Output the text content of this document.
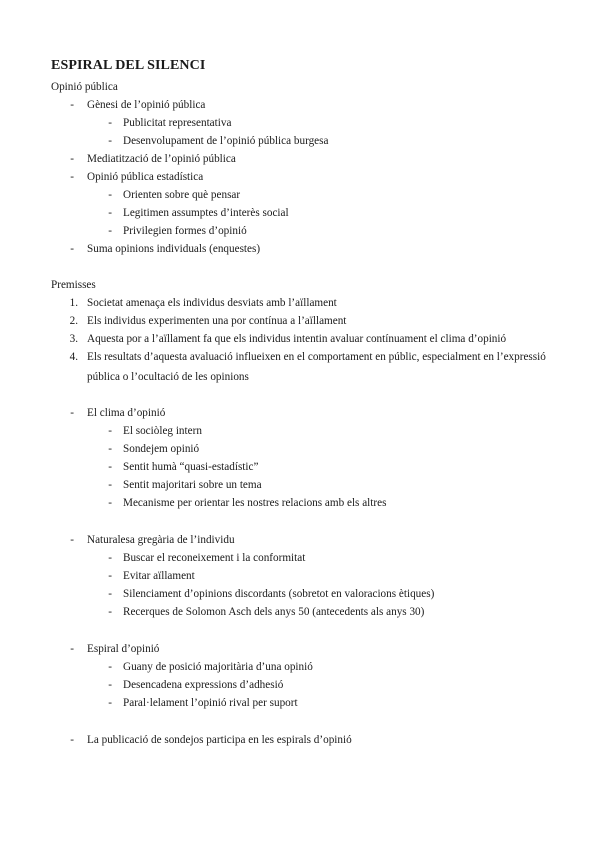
ESPIRAL DEL SILENCI
Opinió pública
- Gènesi de l’opinió pública
- Publicitat representativa
- Desenvolupament de l’opinió pública burgesa
- Mediatització de l’opinió pública
- Opinió pública estadística
- Orienten sobre què pensar
- Legitimen assumptes d’interès social
- Privilegien formes d’opinió
- Suma opinions individuals (enquestes)
Premisses
1. Societat amenaça els individus desviats amb l’aïllament
2. Els individus experimenten una por contínua a l’aïllament
3. Aquesta por a l’aïllament fa que els individus intentin avaluar contínuament el clima d’opinió
4. Els resultats d’aquesta avaluació influeixen en el comportament en públic, especialment en l’expressió
pública o l’ocultació de les opinions
- El clima d’opinió
- El sociòleg intern
- Sondejem opinió
- Sentit humà “quasi-estadístic”
- Sentit majoritari sobre un tema
- Mecanisme per orientar les nostres relacions amb els altres
- Naturalesa gregària de l’individu
- Buscar el reconeixement i la conformitat
- Evitar aïllament
- Silenciament d’opinions discordants (sobretot en valoracions ètiques)
- Recerques de Solomon Asch dels anys 50 (antecedents als anys 30)
- Espiral d’opinió
- Guany de posició majoritària d’una opinió
- Desencadena expressions d’adhesió
- Paral·lelament l’opinió rival per suport
- La publicació de sondejos participa en les espirals d’opinió
